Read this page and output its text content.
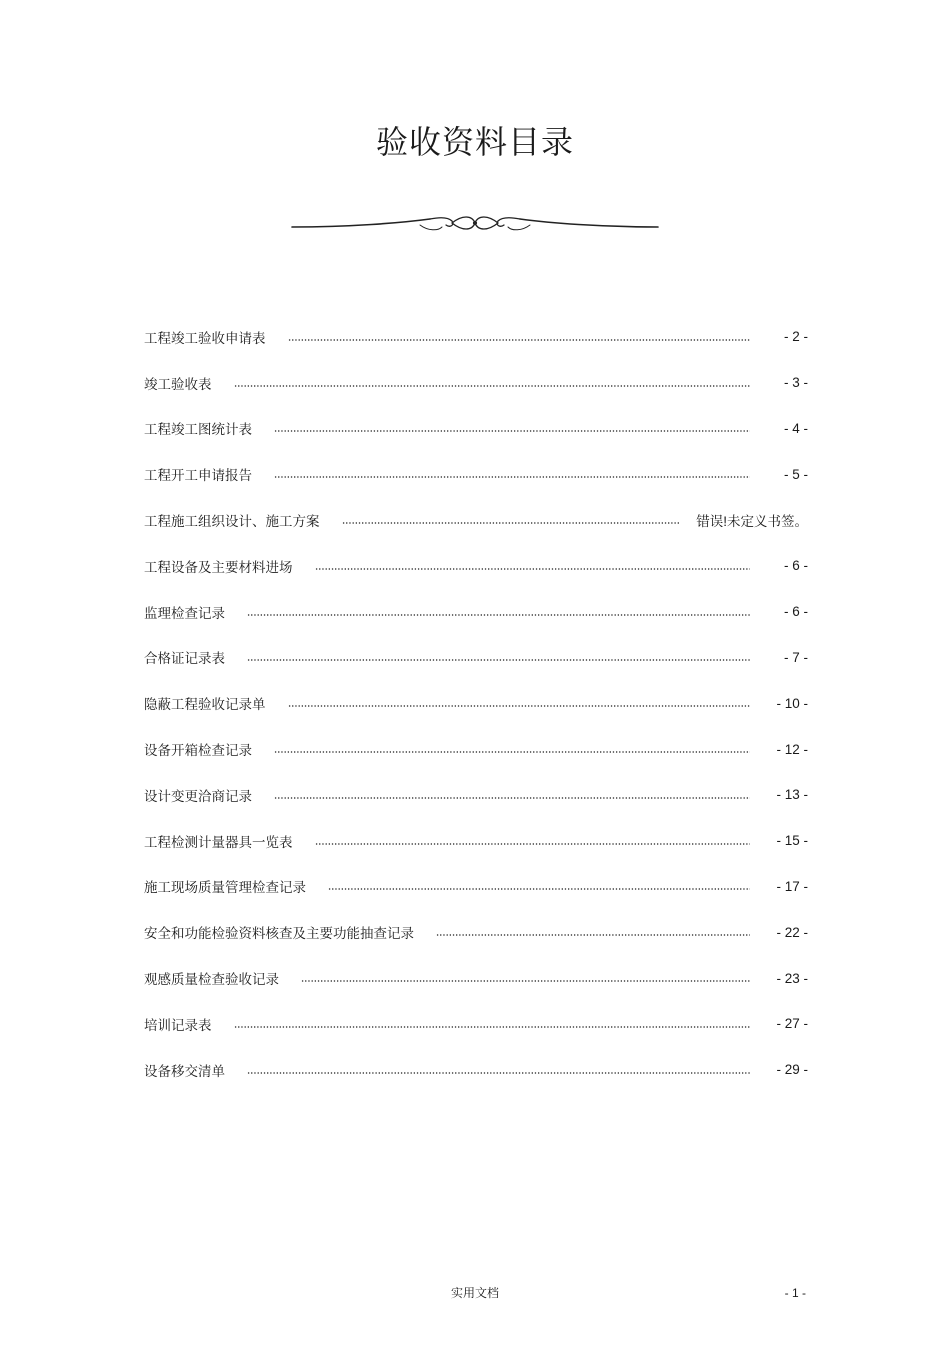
验收资料目录
工程竣工验收申请表	- 2 -
竣工验收表	- 3 -
工程竣工图统计表	- 4 -
工程开工申请报告	- 5 -
工程施工组织设计、施工方案	错误!未定义书签。
工程设备及主要材料进场	- 6 -
监理检查记录	- 6 -
合格证记录表	- 7 -
隐蔽工程验收记录单	- 10 -
设备开箱检查记录	- 12 -
设计变更洽商记录	- 13 -
工程检测计量器具一览表	- 15 -
施工现场质量管理检查记录	- 17 -
安全和功能检验资料核查及主要功能抽查记录	- 22 -
观感质量检查验收记录	- 23 -
培训记录表	- 27 -
设备移交清单	- 29 -
实用文档	- 1 -
